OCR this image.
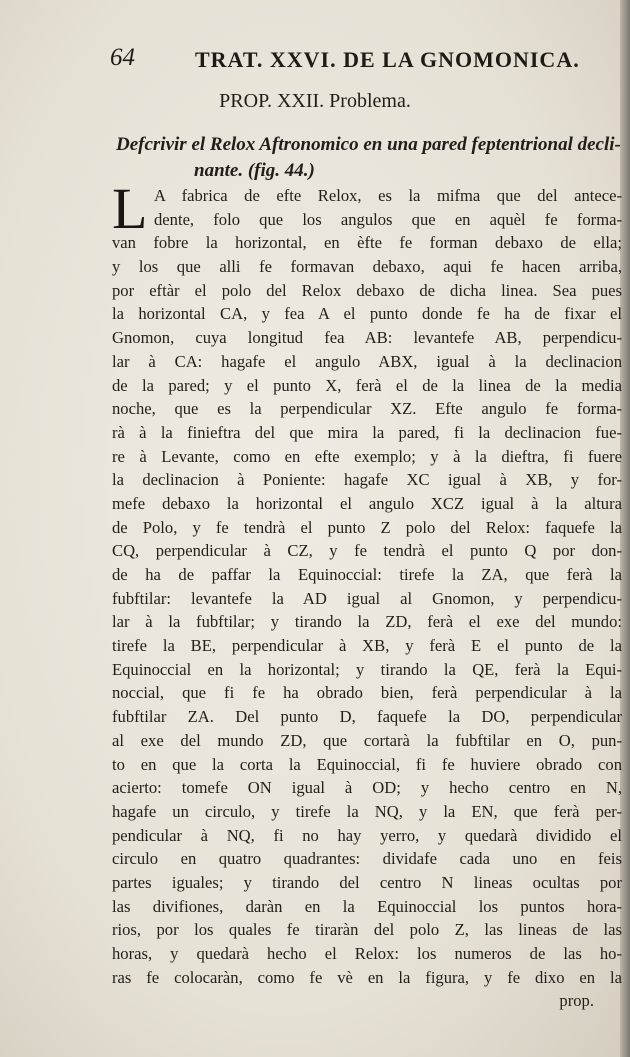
64	TRAT. XXVI. DE LA GNOMONICA.
PROP. XXII. Problema.
Defcrivir el Relox Aftronomico en una pared feptentrional decli-
nante. (fig. 44.)
L A fabrica de efte Relox, es la mifma que del antece-
dente, folo que los angulos que en aquèl fe forma-
van fobre la horizontal, en èfte fe forman debaxo de ella;
y los que alli fe formavan debaxo, aqui fe hacen arriba,
por eftàr el polo del Relox debaxo de dicha linea. Sea pues
la horizontal CA, y fea A el punto donde fe ha de fixar el
Gnomon, cuya longitud fea AB: levantefe AB, perpendicu-
lar à CA: hagafe el angulo ABX, igual à la declinacion
de la pared; y el punto X, ferà el de la linea de la media
noche, que es la perpendicular XZ. Efte angulo fe forma-
rà à la finieftra del que mira la pared, fi la declinacion fue-
re à Levante, como en efte exemplo; y à la dieftra, fi fuere
la declinacion à Poniente: hagafe XC igual à XB, y for-
mefe debaxo la horizontal el angulo XCZ igual à la altura
de Polo, y fe tendrà el punto Z polo del Relox: faquefe la
CQ, perpendicular à CZ, y fe tendrà el punto Q por don-
de ha de paffar la Equinoccial: tirefe la ZA, que ferà la
fubftilar: levantefe la AD igual al Gnomon, y perpendicu-
lar à la fubftilar; y tirando la ZD, ferà el exe del mundo:
tirefe la BE, perpendicular à XB, y ferà E el punto de la
Equinoccial en la horizontal; y tirando la QE, ferà la Equi-
noccial, que fi fe ha obrado bien, ferà perpendicular à la
fubftilar ZA. Del punto D, faquefe la DO, perpendicular
al exe del mundo ZD, que cortarà la fubftilar en O, pun-
to en que la corta la Equinoccial, fi fe huviere obrado con
acierto: tomefe ON igual à OD; y hecho centro en N,
hagafe un circulo, y tirefe la NQ, y la EN, que ferà per-
pendicular à NQ, fi no hay yerro, y quedarà dividido el
circulo en quatro quadrantes: dividafe cada uno en feis
partes iguales; y tirando del centro N lineas ocultas por
las divifiones, daràn en la Equinoccial los puntos hora-
rios, por los quales fe tiraràn del polo Z, las lineas de las
horas, y quedarà hecho el Relox: los numeros de las ho-
ras fe colocaràn, como fe vè en la figura, y fe dixo en la
prop.
